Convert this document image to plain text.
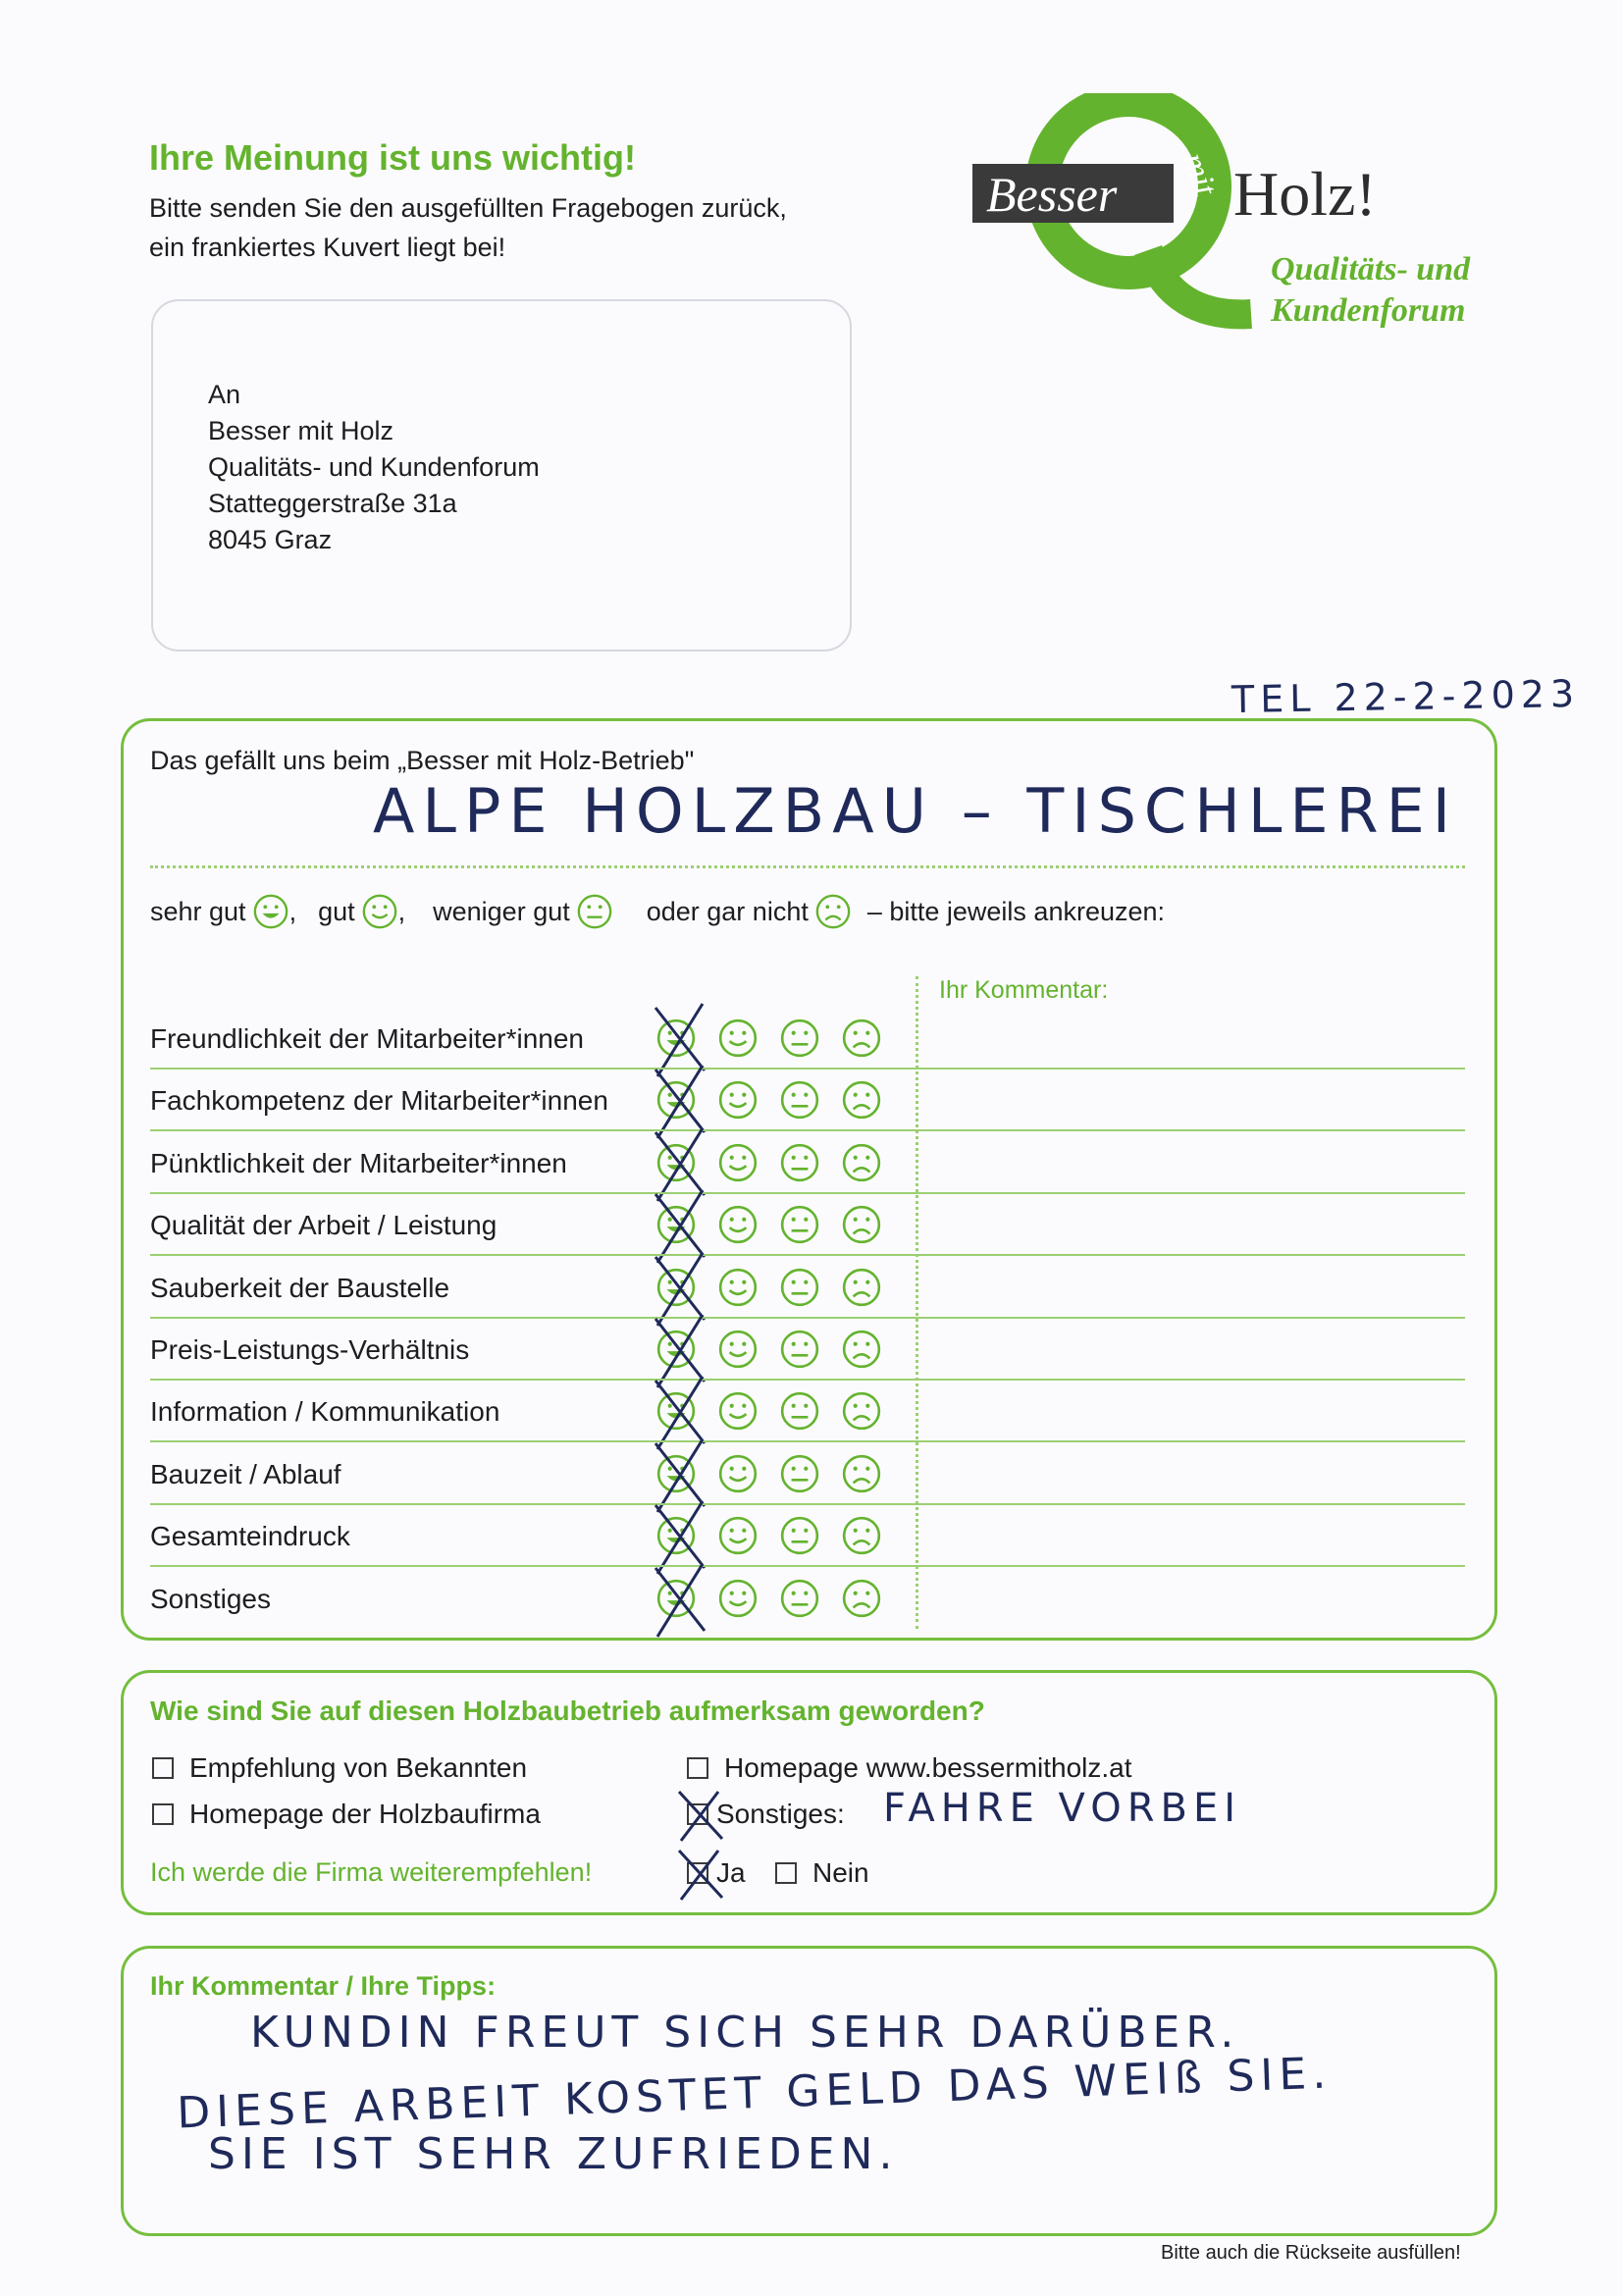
Ihre Meinung ist uns wichtig!
Bitte senden Sie den ausgefüllten Fragebogen zurück,
ein frankiertes Kuvert liegt bei!
Besser mit Holz!
Qualitäts- und
Kundenforum
An
Besser mit Holz
Qualitäts- und Kundenforum
Statteggerstraße 31a
8045 Graz
TEL 22-2-2023
Das gefällt uns beim „Besser mit Holz-Betrieb"
ALPE HOLZBAU – TISCHLEREI
sehr gut , gut , weniger gut	oder gar nicht – bitte jeweils ankreuzen:
Ihr Kommentar:
Freundlichkeit der Mitarbeiter*innen
Fachkompetenz der Mitarbeiter*innen
Pünktlichkeit der Mitarbeiter*innen
Qualität der Arbeit / Leistung
Sauberkeit der Baustelle
Preis-Leistungs-Verhältnis
Information / Kommunikation
Bauzeit / Ablauf
Gesamteindruck
Sonstiges
Wie sind Sie auf diesen Holzbaubetrieb aufmerksam geworden?
Empfehlung von Bekannten
Homepage der Holzbaufirma
Homepage www.bessermitholz.at
Sonstiges: FAHRE VORBEI
Ich werde die Firma weiterempfehlen!	Ja Nein
Ihr Kommentar / Ihre Tipps:
KUNDIN FREUT SICH SEHR DARÜBER.
DIESE ARBEIT KOSTET GELD DAS WEIß SIE.
SIE IST SEHR ZUFRIEDEN.
Bitte auch die Rückseite ausfüllen!
